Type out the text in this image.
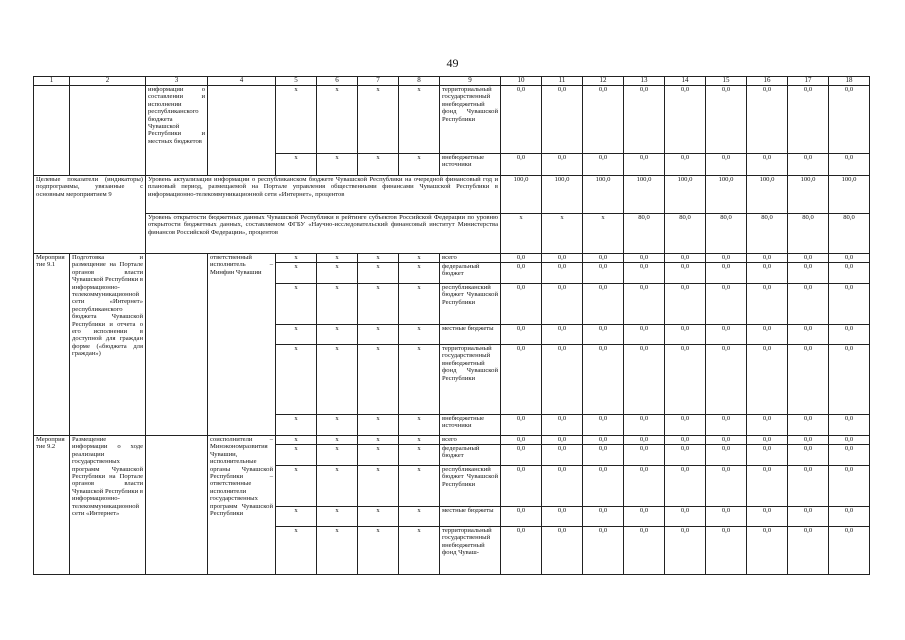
49
1	2	3	4	5	6	7	8	9	10	11	12	13	14	15	16	17	18
		информации о составлении и исполнении республиканского бюджета Чувашской Республики и местных бюджетов		x	x	x	x	территориальный государственный внебюджетный фонд Чувашской Республики	0,0	0,0	0,0	0,0	0,0	0,0	0,0	0,0	0,0
				x	x	x	x	внебюджетные источники	0,0	0,0	0,0	0,0	0,0	0,0	0,0	0,0	0,0
Целевые показатели (индикаторы) подпрограммы, увязанные с основным мероприятием 9		Уровень актуализации информации о республиканском бюджете Чувашской Республики на очередной финансовый год и плановый период, размещаемой на Портале управления общественными финансами Чувашской Республики в информационно-телекоммуникационной сети «Интернет», процентов							100,0	100,0	100,0	100,0	100,0	100,0	100,0	100,0	100,0
		Уровень открытости бюджетных данных Чувашской Республики в рейтинге субъектов Российской Федерации по уровню открытости бюджетных данных, составляемом ФГБУ «Научно-исследовательский финансовый институт Министерства финансов Российской Федерации», процентов							x	x	x	80,0	80,0	80,0	80,0	80,0	80,0
Мероприятие 9.1	Подготовка и размещение на Портале органов власти Чувашской Республики в информационно-телекоммуникационной сети «Интернет» республиканского бюджета Чувашской Республики и отчета о его исполнении в доступной для граждан форме («бюджета для граждан»)		ответственный исполнитель – Минфин Чувашии	x	x	x	x	всего	0,0	0,0	0,0	0,0	0,0	0,0	0,0	0,0	0,0
				x	x	x	x	федеральный бюджет	0,0	0,0	0,0	0,0	0,0	0,0	0,0	0,0	0,0
				x	x	x	x	республиканский бюджет Чувашской Республики	0,0	0,0	0,0	0,0	0,0	0,0	0,0	0,0	0,0
				x	x	x	x	местные бюджеты	0,0	0,0	0,0	0,0	0,0	0,0	0,0	0,0	0,0
				x	x	x	x	территориальный государственный внебюджетный фонд Чувашской Республики	0,0	0,0	0,0	0,0	0,0	0,0	0,0	0,0	0,0
				x	x	x	x	внебюджетные источники	0,0	0,0	0,0	0,0	0,0	0,0	0,0	0,0	0,0
Мероприятие 9.2	Размещение информации о ходе реализации государственных программ Чувашской Республики на Портале органов власти Чувашской Республики в информационно-телекоммуникационной сети «Интернет»		соисполнители – Минэкономразвития Чувашии, исполнительные органы Чувашской Республики – ответственные исполнители государственных программ Чувашской Республики	x	x	x	x	всего	0,0	0,0	0,0	0,0	0,0	0,0	0,0	0,0	0,0
				x	x	x	x	федеральный бюджет	0,0	0,0	0,0	0,0	0,0	0,0	0,0	0,0	0,0
				x	x	x	x	республиканский бюджет Чувашской Республики	0,0	0,0	0,0	0,0	0,0	0,0	0,0	0,0	0,0
				x	x	x	x	местные бюджеты	0,0	0,0	0,0	0,0	0,0	0,0	0,0	0,0	0,0
				x	x	x	x	территориальный государственный внебюджетный фонд Чуваш-	0,0	0,0	0,0	0,0	0,0	0,0	0,0	0,0	0,0
